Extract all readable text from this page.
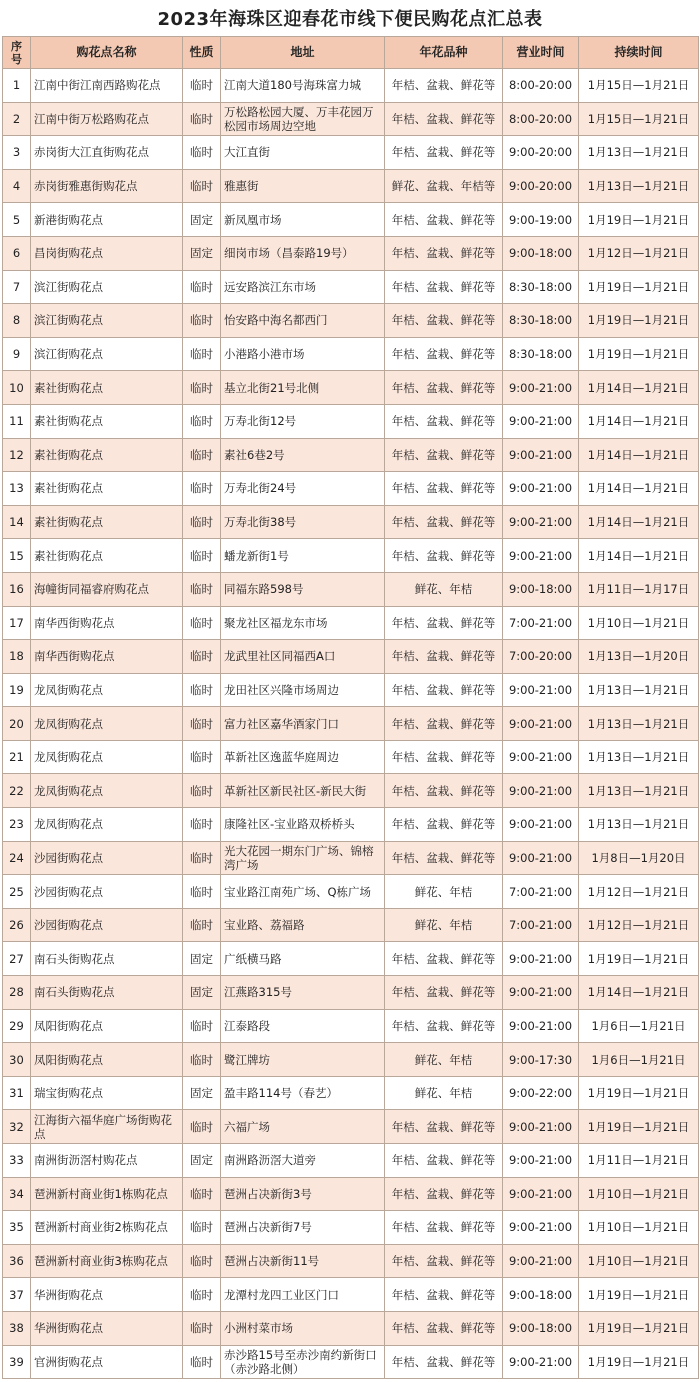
2023年海珠区迎春花市线下便民购花点汇总表
序号	购花点名称	性质	地址	年花品种	营业时间	持续时间
1	江南中街江南西路购花点	临时	江南大道180号海珠富力城	年桔、盆栽、鲜花等	8:00-20:00	1月15日—1月21日
2	江南中街万松路购花点	临时	万松路松园大厦、万丰花园万松园市场周边空地	年桔、盆栽、鲜花等	8:00-20:00	1月15日—1月21日
3	赤岗街大江直街购花点	临时	大江直街	年桔、盆栽、鲜花等	9:00-20:00	1月13日—1月21日
4	赤岗街雅惠街购花点	临时	雅惠街	鲜花、盆栽、年桔等	9:00-20:00	1月13日—1月21日
5	新港街购花点	固定	新凤凰市场	年桔、盆栽、鲜花等	9:00-19:00	1月19日—1月21日
6	昌岗街购花点	固定	细岗市场（昌泰路19号）	年桔、盆栽、鲜花等	9:00-18:00	1月12日—1月21日
7	滨江街购花点	临时	远安路滨江东市场	年桔、盆栽、鲜花等	8:30-18:00	1月19日—1月21日
8	滨江街购花点	临时	怡安路中海名都西门	年桔、盆栽、鲜花等	8:30-18:00	1月19日—1月21日
9	滨江街购花点	临时	小港路小港市场	年桔、盆栽、鲜花等	8:30-18:00	1月19日—1月21日
10	素社街购花点	临时	基立北街21号北侧	年桔、盆栽、鲜花等	9:00-21:00	1月14日—1月21日
11	素社街购花点	临时	万寿北街12号	年桔、盆栽、鲜花等	9:00-21:00	1月14日—1月21日
12	素社街购花点	临时	素社6巷2号	年桔、盆栽、鲜花等	9:00-21:00	1月14日—1月21日
13	素社街购花点	临时	万寿北街24号	年桔、盆栽、鲜花等	9:00-21:00	1月14日—1月21日
14	素社街购花点	临时	万寿北街38号	年桔、盆栽、鲜花等	9:00-21:00	1月14日—1月21日
15	素社街购花点	临时	蟠龙新街1号	年桔、盆栽、鲜花等	9:00-21:00	1月14日—1月21日
16	海幢街同福睿府购花点	临时	同福东路598号	鲜花、年桔	9:00-18:00	1月11日—1月17日
17	南华西街购花点	临时	聚龙社区福龙东市场	年桔、盆栽、鲜花等	7:00-21:00	1月10日—1月21日
18	南华西街购花点	临时	龙武里社区同福西A口	年桔、盆栽、鲜花等	7:00-20:00	1月13日—1月20日
19	龙凤街购花点	临时	龙田社区兴隆市场周边	年桔、盆栽、鲜花等	9:00-21:00	1月13日—1月21日
20	龙凤街购花点	临时	富力社区嘉华酒家门口	年桔、盆栽、鲜花等	9:00-21:00	1月13日—1月21日
21	龙凤街购花点	临时	革新社区逸蓝华庭周边	年桔、盆栽、鲜花等	9:00-21:00	1月13日—1月21日
22	龙凤街购花点	临时	革新社区新民社区-新民大街	年桔、盆栽、鲜花等	9:00-21:00	1月13日—1月21日
23	龙凤街购花点	临时	康隆社区-宝业路双桥桥头	年桔、盆栽、鲜花等	9:00-21:00	1月13日—1月21日
24	沙园街购花点	临时	光大花园一期东门广场、锦榕湾广场	年桔、盆栽、鲜花等	9:00-21:00	1月8日—1月20日
25	沙园街购花点	临时	宝业路江南苑广场、Q栋广场	鲜花、年桔	7:00-21:00	1月12日—1月21日
26	沙园街购花点	临时	宝业路、荔福路	鲜花、年桔	7:00-21:00	1月12日—1月21日
27	南石头街购花点	固定	广纸横马路	年桔、盆栽、鲜花等	9:00-21:00	1月19日—1月21日
28	南石头街购花点	固定	江燕路315号	年桔、盆栽、鲜花等	9:00-21:00	1月14日—1月21日
29	凤阳街购花点	临时	江泰路段	年桔、盆栽、鲜花等	9:00-21:00	1月6日—1月21日
30	凤阳街购花点	临时	鹭江牌坊	鲜花、年桔	9:00-17:30	1月6日—1月21日
31	瑞宝街购花点	固定	盈丰路114号（春艺）	鲜花、年桔	9:00-22:00	1月19日—1月21日
32	江海街六福华庭广场街购花点	临时	六福广场	年桔、盆栽、鲜花等	9:00-21:00	1月19日—1月21日
33	南洲街沥滘村购花点	固定	南洲路沥滘大道旁	年桔、盆栽、鲜花等	9:00-21:00	1月11日—1月21日
34	琶洲新村商业街1栋购花点	临时	琶洲占决新街3号	年桔、盆栽、鲜花等	9:00-21:00	1月10日—1月21日
35	琶洲新村商业街2栋购花点	临时	琶洲占决新街7号	年桔、盆栽、鲜花等	9:00-21:00	1月10日—1月21日
36	琶洲新村商业街3栋购花点	临时	琶洲占决新街11号	年桔、盆栽、鲜花等	9:00-21:00	1月10日—1月21日
37	华洲街购花点	临时	龙潭村龙四工业区门口	年桔、盆栽、鲜花等	9:00-18:00	1月19日—1月21日
38	华洲街购花点	临时	小洲村菜市场	年桔、盆栽、鲜花等	9:00-18:00	1月19日—1月21日
39	官洲街购花点	临时	赤沙路15号至赤沙南约新街口（赤沙路北侧）	年桔、盆栽、鲜花等	9:00-21:00	1月19日—1月21日
